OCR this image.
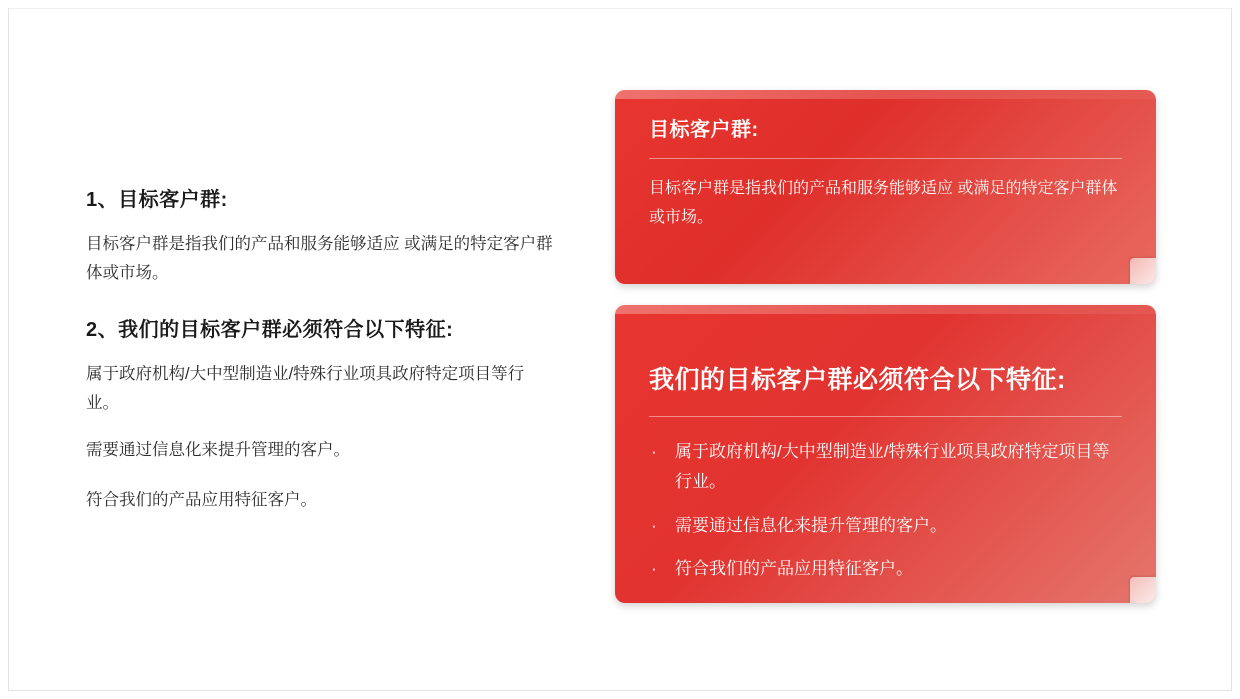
1、目标客户群:

目标客户群是指我们的产品和服务能够适应 或满足的特定客户群体或市场。

2、我们的目标客户群必须符合以下特征:

属于政府机构/大中型制造业/特殊行业项具政府特定项目等行业。

需要通过信息化来提升管理的客户。

符合我们的产品应用特征客户。

目标客户群:

目标客户群是指我们的产品和服务能够适应 或满足的特定客户群体或市场。

我们的目标客户群必须符合以下特征:
· 属于政府机构/大中型制造业/特殊行业项具政府特定项目等行业。
· 需要通过信息化来提升管理的客户。
· 符合我们的产品应用特征客户。
